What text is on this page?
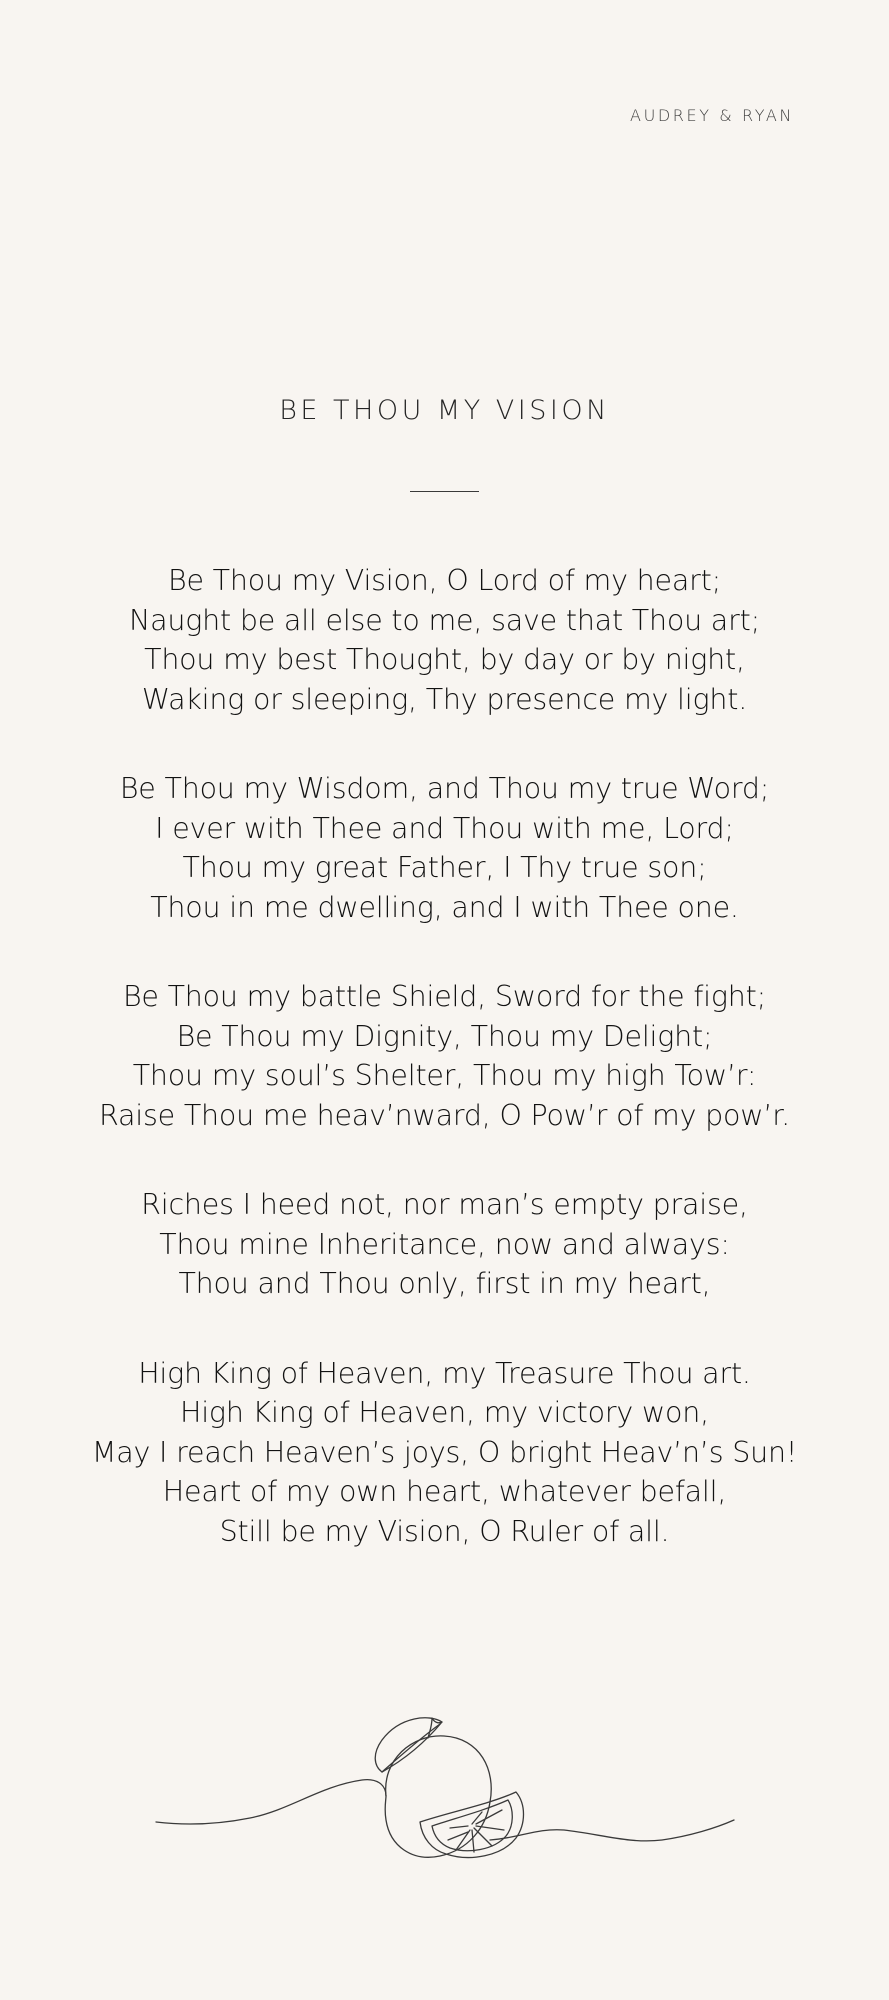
AUDREY & RYAN
BE THOU MY VISION
Be Thou my Vision, O Lord of my heart;
Naught be all else to me, save that Thou art;
Thou my best Thought, by day or by night,
Waking or sleeping, Thy presence my light.
Be Thou my Wisdom, and Thou my true Word;
I ever with Thee and Thou with me, Lord;
Thou my great Father, I Thy true son;
Thou in me dwelling, and I with Thee one.
Be Thou my battle Shield, Sword for the fight;
Be Thou my Dignity, Thou my Delight;
Thou my soul’s Shelter, Thou my high Tow’r:
Raise Thou me heav’nward, O Pow’r of my pow’r.
Riches I heed not, nor man’s empty praise,
Thou mine Inheritance, now and always:
Thou and Thou only, first in my heart,
High King of Heaven, my Treasure Thou art.
High King of Heaven, my victory won,
May I reach Heaven’s joys, O bright Heav’n’s Sun!
Heart of my own heart, whatever befall,
Still be my Vision, O Ruler of all.
